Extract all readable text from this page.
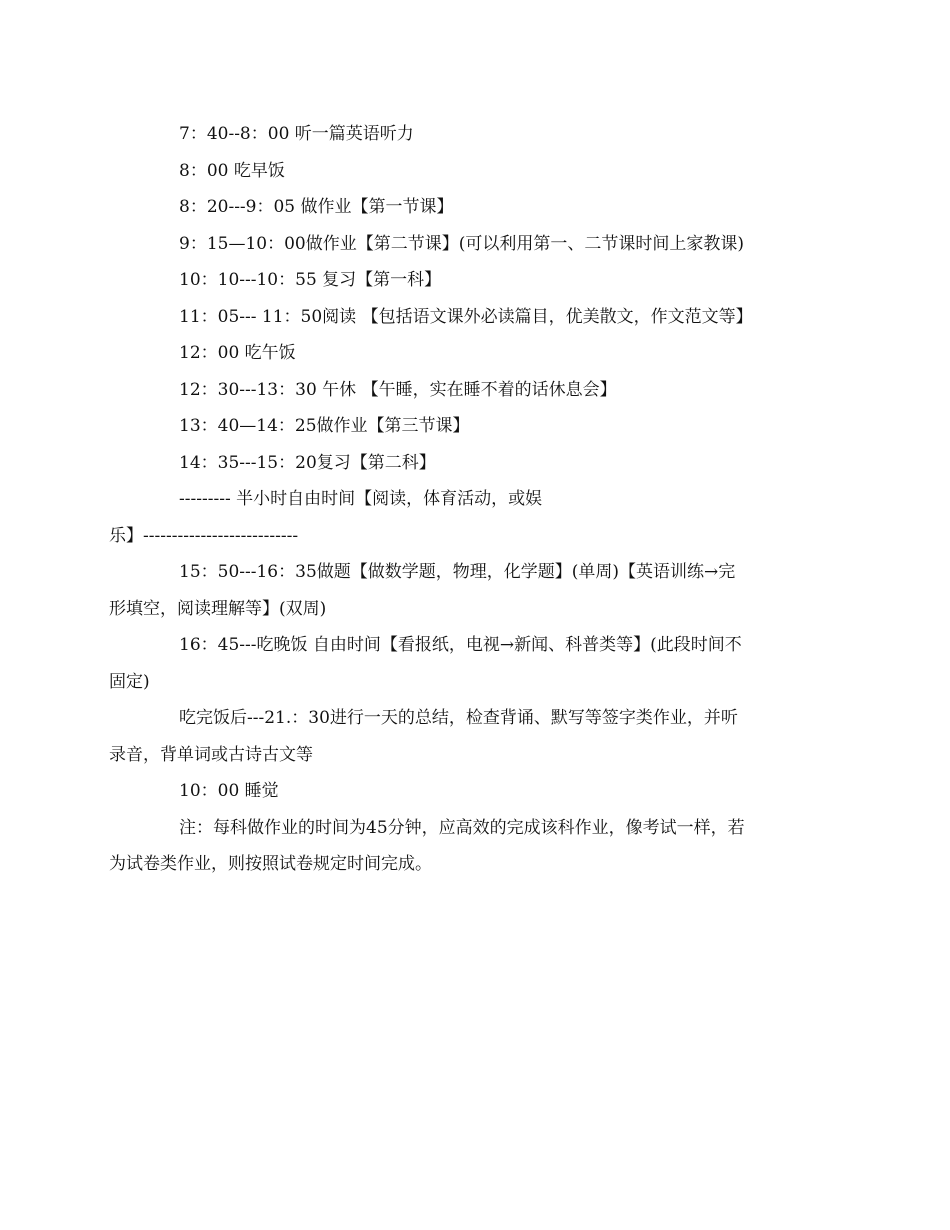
7：40--8：00 听一篇英语听力

8：00 吃早饭

8：20---9：05 做作业【第一节课】

9：15—10：00做作业【第二节课】(可以利用第一、二节课时间上家教课)

10：10---10：55 复习【第一科】

11：05--- 11：50阅读 【包括语文课外必读篇目，优美散文，作文范文等】

12：00 吃午饭

12：30---13：30 午休 【午睡，实在睡不着的话休息会】

13：40—14：25做作业【第三节课】

14：35---15：20复习【第二科】

--------- 半小时自由时间【阅读，体育活动，或娱
乐】---------------------------

15：50---16：35做题【做数学题，物理，化学题】(单周)【英语训练→完
形填空，阅读理解等】(双周)

16：45---吃晚饭 自由时间【看报纸，电视→新闻、科普类等】(此段时间不
固定)

吃完饭后---21.：30进行一天的总结，检查背诵、默写等签字类作业，并听
录音，背单词或古诗古文等

10：00 睡觉

注：每科做作业的时间为45分钟，应高效的完成该科作业，像考试一样，若
为试卷类作业，则按照试卷规定时间完成。
